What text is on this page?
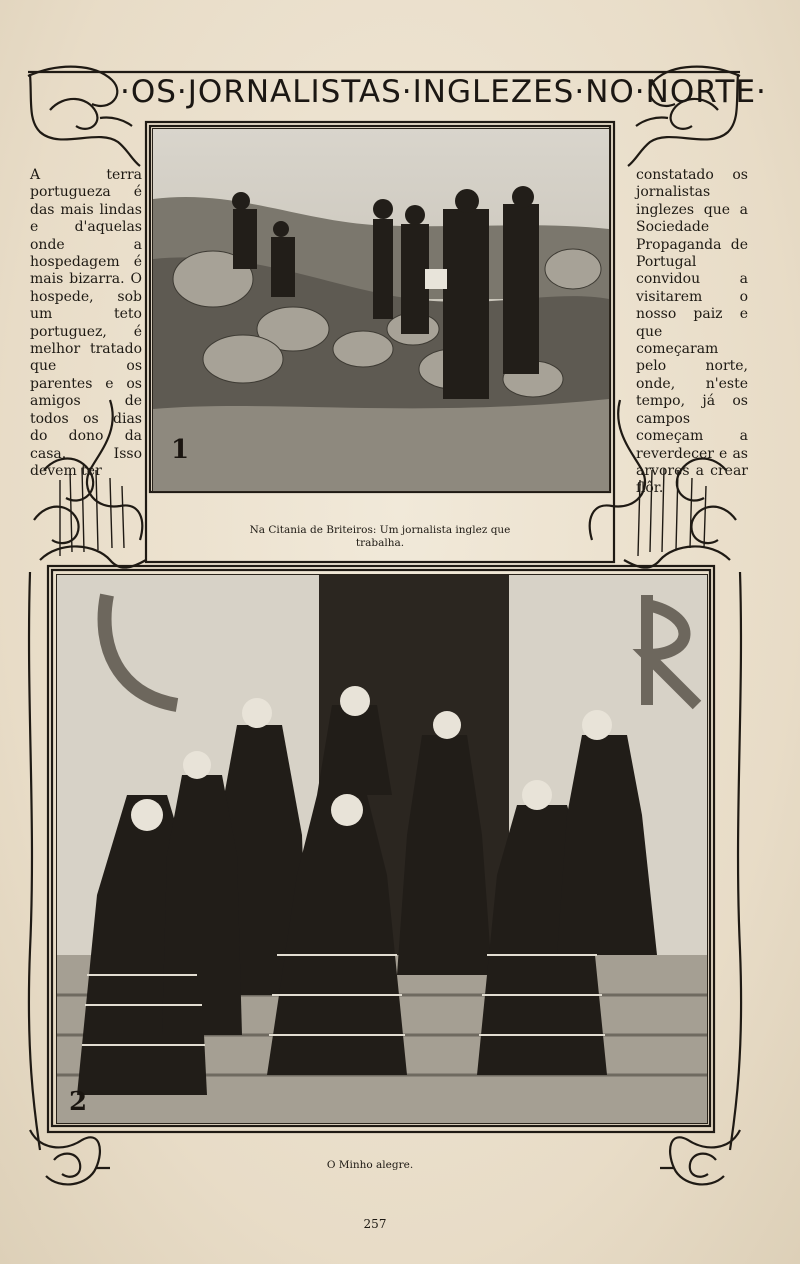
·OS·JORNALISTAS·INGLEZES·NO·NORTE·
A terra portugueza é das mais lindas e d'aquelas onde a hospedagem é mais bizarra. O hospede, sob um teto portuguez, é melhor tratado que os parentes e os amigos de todos os dias do dono da casa. Isso devem ter
constatado os jornalistas inglezes que a Sociedade Propaganda de Portugal convidou a visitarem o nosso paiz e que começaram pelo norte, onde, n'este tempo, já os campos começam a reverdecer e as arvores a crear flôr.
1
Na Citania de Briteiros: Um jornalista inglez que trabalha.
2
O Minho alegre.
257
